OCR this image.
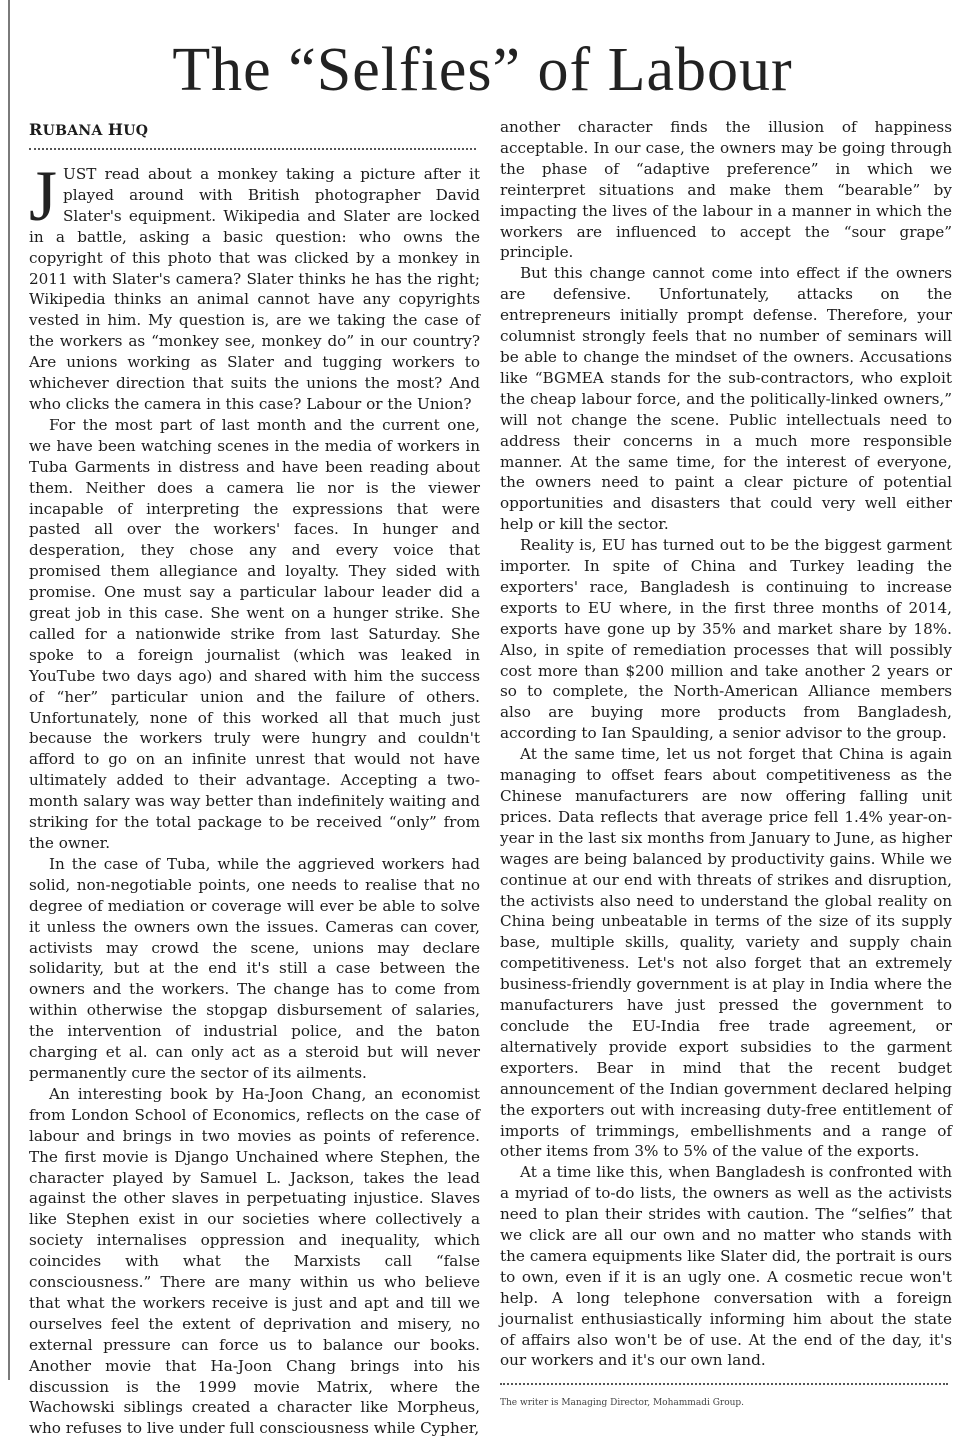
The “Selfies” of Labour
RUBANA HUQ

JUST read about a monkey taking a picture after it played around with British photographer David Slater's equipment. Wikipedia and Slater are locked in a battle, asking a basic question: who owns the copyright of this photo that was clicked by a monkey in 2011 with Slater's camera? Slater thinks he has the right; Wikipedia thinks an animal cannot have any copyrights vested in him. My question is, are we taking the case of the workers as “monkey see, monkey do” in our country? Are unions working as Slater and tugging workers to whichever direction that suits the unions the most? And who clicks the camera in this case? Labour or the Union?

For the most part of last month and the current one, we have been watching scenes in the media of workers in Tuba Garments in distress and have been reading about them. Neither does a camera lie nor is the viewer incapable of interpreting the expressions that were pasted all over the workers' faces. In hunger and desperation, they chose any and every voice that promised them allegiance and loyalty. They sided with promise. One must say a particular labour leader did a great job in this case. She went on a hunger strike. She called for a nationwide strike from last Saturday. She spoke to a foreign journalist (which was leaked in YouTube two days ago) and shared with him the success of “her” particular union and the failure of others. Unfortunately, none of this worked all that much just because the workers truly were hungry and couldn't afford to go on an infinite unrest that would not have ultimately added to their advantage. Accepting a two-month salary was way better than indefinitely waiting and striking for the total package to be received “only” from the owner.

In the case of Tuba, while the aggrieved workers had solid, non-negotiable points, one needs to realise that no degree of mediation or coverage will ever be able to solve it unless the owners own the issues. Cameras can cover, activists may crowd the scene, unions may declare solidarity, but at the end it's still a case between the owners and the workers. The change has to come from within otherwise the stopgap disbursement of salaries, the intervention of industrial police, and the baton charging et al. can only act as a steroid but will never permanently cure the sector of its ailments.

An interesting book by Ha-Joon Chang, an economist from London School of Economics, reflects on the case of labour and brings in two movies as points of reference. The first movie is Django Unchained where Stephen, the character played by Samuel L. Jackson, takes the lead against the other slaves in perpetuating injustice. Slaves like Stephen exist in our societies where collectively a society internalises oppression and inequality, which coincides with what the Marxists call “false consciousness.” There are many within us who believe that what the workers receive is just and apt and till we ourselves feel the extent of deprivation and misery, no external pressure can force us to balance our books. Another movie that Ha-Joon Chang brings into his discussion is the 1999 movie Matrix, where the Wachowski siblings created a character like Morpheus, who refuses to live under full consciousness while Cypher,

another character finds the illusion of happiness acceptable. In our case, the owners may be going through the phase of “adaptive preference” in which we reinterpret situations and make them “bearable” by impacting the lives of the labour in a manner in which the workers are influenced to accept the “sour grape” principle.

But this change cannot come into effect if the owners are defensive. Unfortunately, attacks on the entrepreneurs initially prompt defense. Therefore, your columnist strongly feels that no number of seminars will be able to change the mindset of the owners. Accusations like “BGMEA stands for the sub-contractors, who exploit the cheap labour force, and the politically-linked owners,” will not change the scene. Public intellectuals need to address their concerns in a much more responsible manner. At the same time, for the interest of everyone, the owners need to paint a clear picture of potential opportunities and disasters that could very well either help or kill the sector.

Reality is, EU has turned out to be the biggest garment importer. In spite of China and Turkey leading the exporters' race, Bangladesh is continuing to increase exports to EU where, in the first three months of 2014, exports have gone up by 35% and market share by 18%. Also, in spite of remediation processes that will possibly cost more than $200 million and take another 2 years or so to complete, the North-American Alliance members also are buying more products from Bangladesh, according to Ian Spaulding, a senior advisor to the group.

At the same time, let us not forget that China is again managing to offset fears about competitiveness as the Chinese manufacturers are now offering falling unit prices. Data reflects that average price fell 1.4% year-on-year in the last six months from January to June, as higher wages are being balanced by productivity gains. While we continue at our end with threats of strikes and disruption, the activists also need to understand the global reality on China being unbeatable in terms of the size of its supply base, multiple skills, quality, variety and supply chain competitiveness. Let's not also forget that an extremely business-friendly government is at play in India where the manufacturers have just pressed the government to conclude the EU-India free trade agreement, or alternatively provide export subsidies to the garment exporters. Bear in mind that the recent budget announcement of the Indian government declared helping the exporters out with increasing duty-free entitlement of imports of trimmings, embellishments and a range of other items from 3% to 5% of the value of the exports.

At a time like this, when Bangladesh is confronted with a myriad of to-do lists, the owners as well as the activists need to plan their strides with caution. The “selfies” that we click are all our own and no matter who stands with the camera equipments like Slater did, the portrait is ours to own, even if it is an ugly one. A cosmetic recue won't help. A long telephone conversation with a foreign journalist enthusiastically informing him about the state of affairs also won't be of use. At the end of the day, it's our workers and it's our own land.

The writer is Managing Director, Mohammadi Group.
